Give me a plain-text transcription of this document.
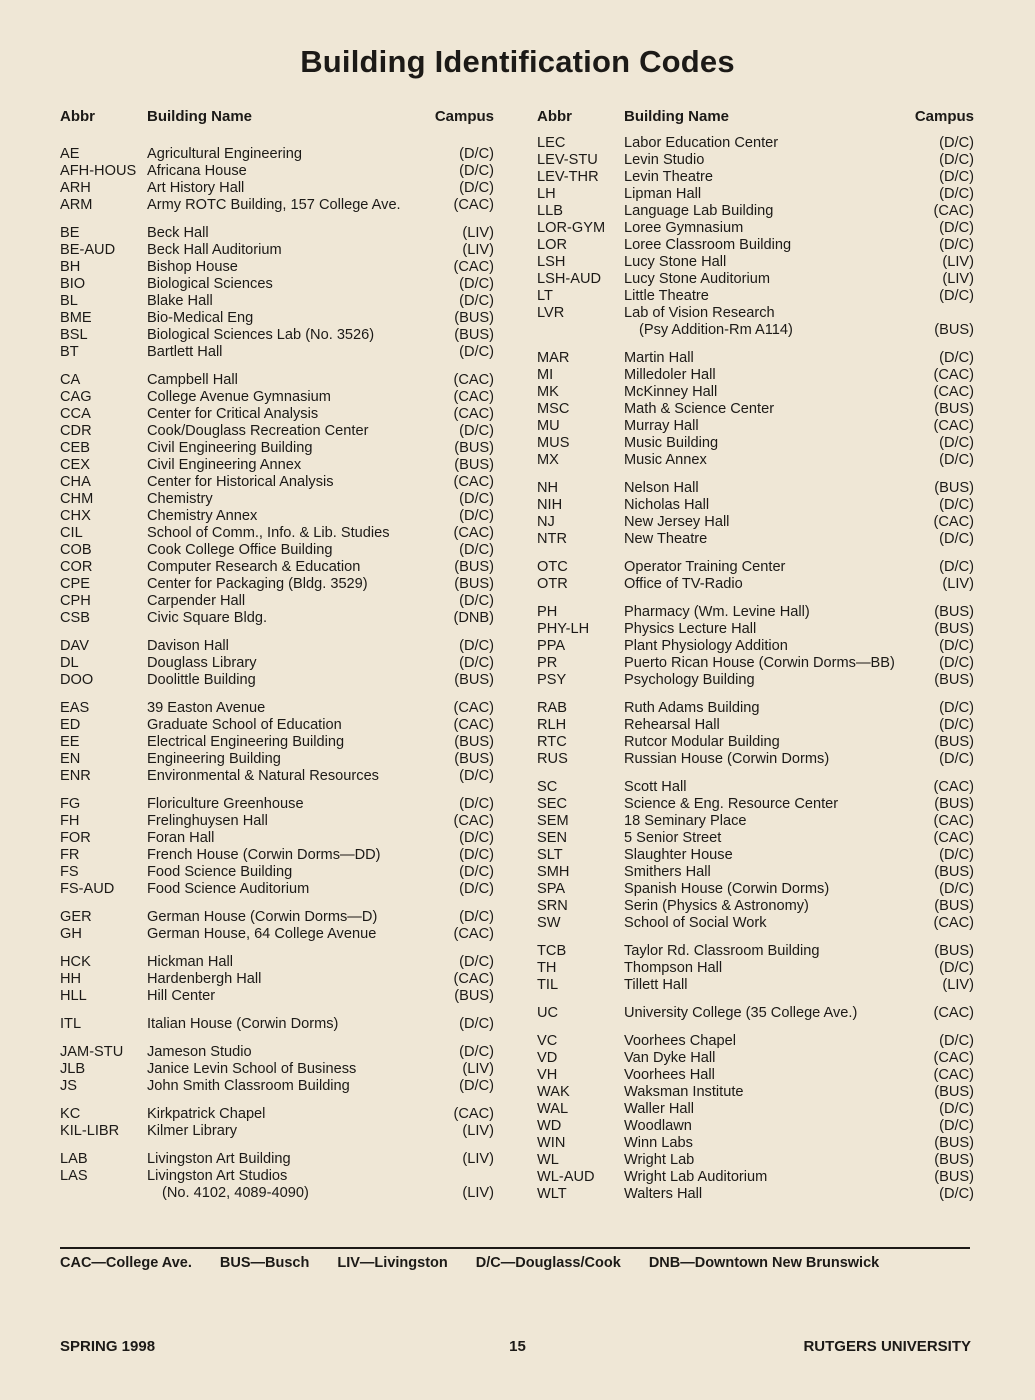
Building Identification Codes
Abbr	Building Name	Campus
AE	Agricultural Engineering	(D/C)
AFH-HOUS Africana House	(D/C)
ARH	Art History Hall	(D/C)
ARM	Army ROTC Building, 157 College Ave.	(CAC)
BE	Beck Hall	(LIV)
BE-AUD Beck Hall Auditorium	(LIV)
BH	Bishop House	(CAC)
BIO	Biological Sciences	(D/C)
BL	Blake Hall	(D/C)
BME	Bio-Medical Eng	(BUS)
BSL	Biological Sciences Lab (No. 3526)	(BUS)
BT	Bartlett Hall	(D/C)
CA	Campbell Hall	(CAC)
CAG	College Avenue Gymnasium	(CAC)
CCA	Center for Critical Analysis	(CAC)
CDR	Cook/Douglass Recreation Center	(D/C)
CEB	Civil Engineering Building	(BUS)
CEX	Civil Engineering Annex	(BUS)
CHA	Center for Historical Analysis	(CAC)
CHM	Chemistry	(D/C)
CHX	Chemistry Annex	(D/C)
CIL	School of Comm., Info. & Lib. Studies	(CAC)
COB	Cook College Office Building	(D/C)
COR	Computer Research & Education	(BUS)
CPE	Center for Packaging (Bldg. 3529)	(BUS)
CPH	Carpender Hall	(D/C)
CSB	Civic Square Bldg.	(DNB)
DAV	Davison Hall	(D/C)
DL	Douglass Library	(D/C)
DOO	Doolittle Building	(BUS)
EAS	39 Easton Avenue	(CAC)
ED	Graduate School of Education	(CAC)
EE	Electrical Engineering Building	(BUS)
EN	Engineering Building	(BUS)
ENR	Environmental & Natural Resources	(D/C)
FG	Floriculture Greenhouse	(D/C)
FH	Frelinghuysen Hall	(CAC)
FOR	Foran Hall	(D/C)
FR	French House (Corwin Dorms—DD)	(D/C)
FS	Food Science Building	(D/C)
FS-AUD Food Science Auditorium	(D/C)
GER	German House (Corwin Dorms—D)	(D/C)
GH	German House, 64 College Avenue	(CAC)
HCK	Hickman Hall	(D/C)
HH	Hardenbergh Hall	(CAC)
HLL	Hill Center	(BUS)
ITL	Italian House (Corwin Dorms)	(D/C)
JAM-STU Jameson Studio	(D/C)
JLB	Janice Levin School of Business	(LIV)
JS	John Smith Classroom Building	(D/C)
KC	Kirkpatrick Chapel	(CAC)
KIL-LIBR Kilmer Library	(LIV)
LAB	Livingston Art Building	(LIV)
LAS	Livingston Art Studios
(No. 4102, 4089-4090)	(LIV)
Abbr	Building Name	Campus
LEC	Labor Education Center	(D/C)
LEV-STU Levin Studio	(D/C)
LEV-THR Levin Theatre	(D/C)
LH	Lipman Hall	(D/C)
LLB	Language Lab Building	(CAC)
LOR-GYM Loree Gymnasium	(D/C)
LOR	Loree Classroom Building	(D/C)
LSH	Lucy Stone Hall	(LIV)
LSH-AUD Lucy Stone Auditorium	(LIV)
LT	Little Theatre	(D/C)
LVR	Lab of Vision Research
(Psy Addition-Rm A114)	(BUS)
MAR	Martin Hall	(D/C)
MI	Milledoler Hall	(CAC)
MK	McKinney Hall	(CAC)
MSC	Math & Science Center	(BUS)
MU	Murray Hall	(CAC)
MUS	Music Building	(D/C)
MX	Music Annex	(D/C)
NH	Nelson Hall	(BUS)
NIH	Nicholas Hall	(D/C)
NJ	New Jersey Hall	(CAC)
NTR	New Theatre	(D/C)
OTC	Operator Training Center	(D/C)
OTR	Office of TV-Radio	(LIV)
PH	Pharmacy (Wm. Levine Hall)	(BUS)
PHY-LH Physics Lecture Hall	(BUS)
PPA	Plant Physiology Addition	(D/C)
PR	Puerto Rican House (Corwin Dorms—BB)	(D/C)
PSY	Psychology Building	(BUS)
RAB	Ruth Adams Building	(D/C)
RLH	Rehearsal Hall	(D/C)
RTC	Rutcor Modular Building	(BUS)
RUS	Russian House (Corwin Dorms)	(D/C)
SC	Scott Hall	(CAC)
SEC	Science & Eng. Resource Center	(BUS)
SEM	18 Seminary Place	(CAC)
SEN	5 Senior Street	(CAC)
SLT	Slaughter House	(D/C)
SMH	Smithers Hall	(BUS)
SPA	Spanish House (Corwin Dorms)	(D/C)
SRN	Serin (Physics & Astronomy)	(BUS)
SW	School of Social Work	(CAC)
TCB	Taylor Rd. Classroom Building	(BUS)
TH	Thompson Hall	(D/C)
TIL	Tillett Hall	(LIV)
UC	University College (35 College Ave.)	(CAC)
VC	Voorhees Chapel	(D/C)
VD	Van Dyke Hall	(CAC)
VH	Voorhees Hall	(CAC)
WAK	Waksman Institute	(BUS)
WAL	Waller Hall	(D/C)
WD	Woodlawn	(D/C)
WIN	Winn Labs	(BUS)
WL	Wright Lab	(BUS)
WL-AUD Wright Lab Auditorium	(BUS)
WLT	Walters Hall	(D/C)
CAC—College Ave. BUS—Busch LIV—Livingston D/C—Douglass/Cook DNB—Downtown New Brunswick
SPRING 1998	15	RUTGERS UNIVERSITY
